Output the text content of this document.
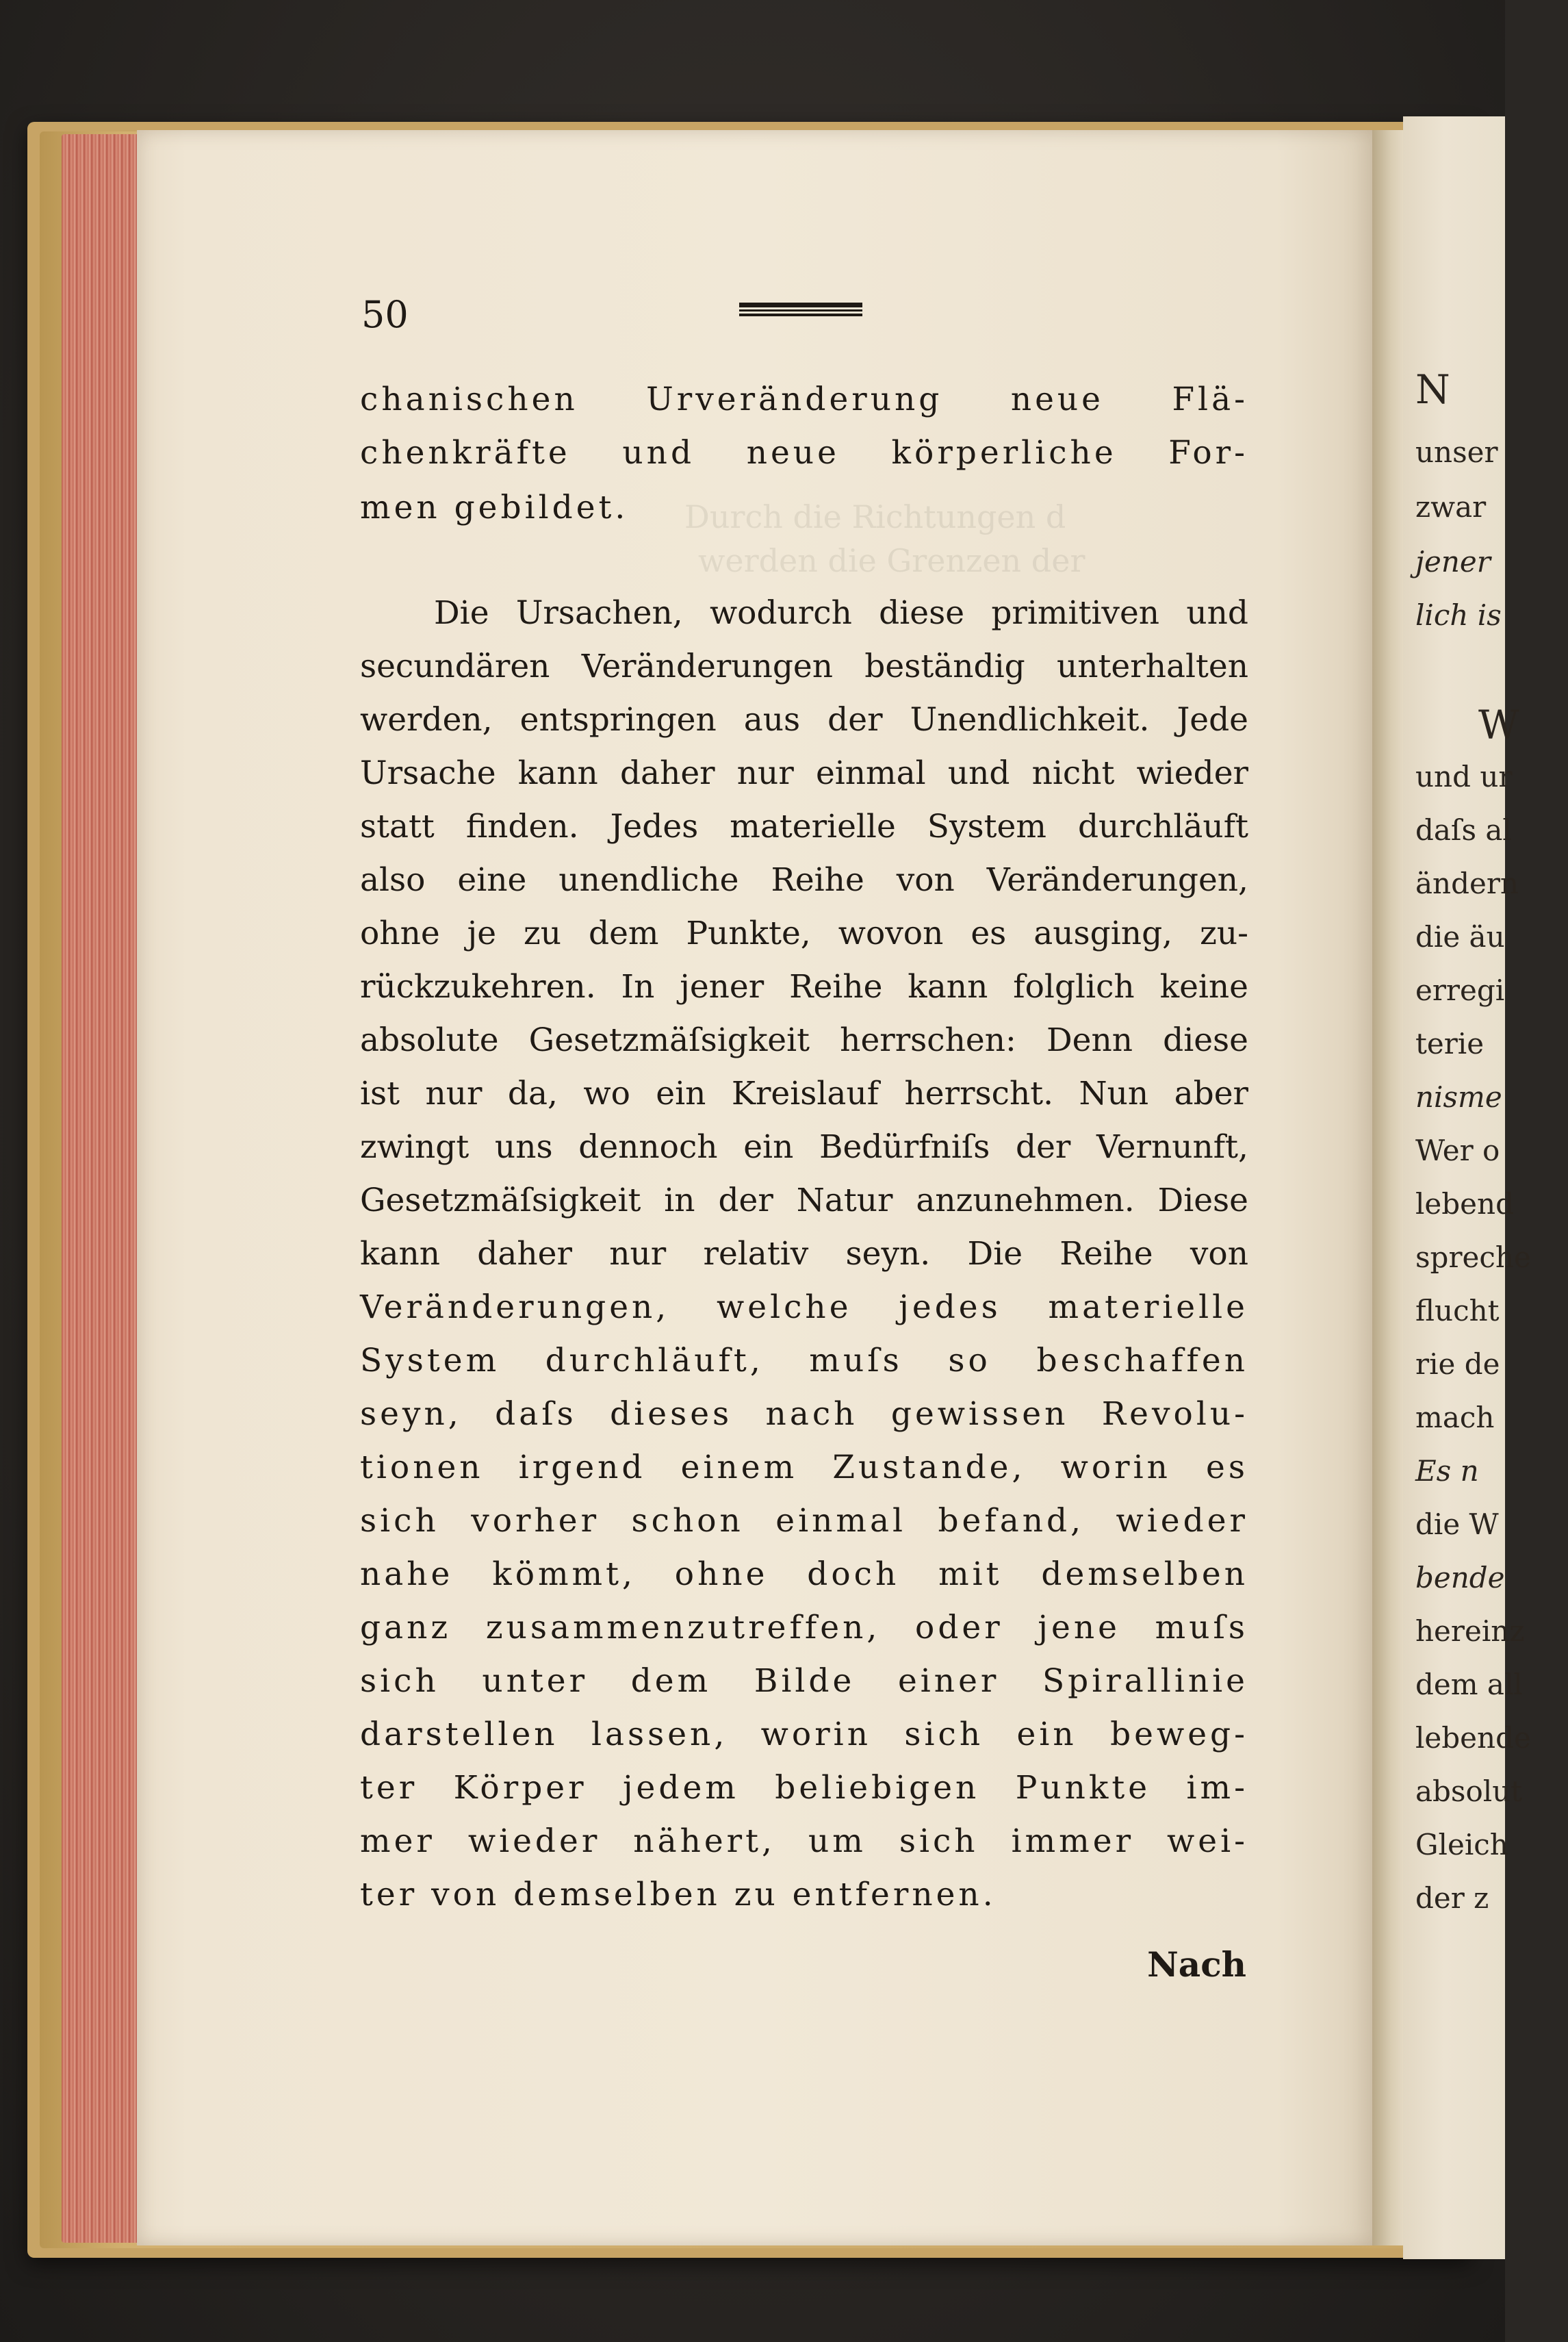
Durch die Richtungen d
werden die Grenzen der
50
chanischen Urveränderung neue Flä-
chenkräfte und neue körperliche For-
men gebildet.
Die Ursachen, wodurch diese primitiven und
secundären Veränderungen beständig unterhalten
werden, entspringen aus der Unendlichkeit. Jede
Ursache kann daher nur einmal und nicht wieder
statt finden. Jedes materielle System durchläuft
also eine unendliche Reihe von Veränderungen,
ohne je zu dem Punkte, wovon es ausging, zu-
rückzukehren. In jener Reihe kann folglich keine
absolute Gesetzmäſsigkeit herrschen: Denn diese
ist nur da, wo ein Kreislauf herrscht. Nun aber
zwingt uns dennoch ein Bedürfniſs der Vernunft,
Gesetzmäſsigkeit in der Natur anzunehmen. Diese
kann daher nur relativ seyn. Die Reihe von
Veränderungen, welche jedes materielle
System durchläuft, muſs so beschaffen
seyn, daſs dieses nach gewissen Revolu-
tionen irgend einem Zustande, worin es
sich vorher schon einmal befand, wieder
nahe kömmt, ohne doch mit demselben
ganz zusammenzutreffen, oder jene muſs
sich unter dem Bilde einer Spirallinie
darstellen lassen, worin sich ein beweg-
ter Körper jedem beliebigen Punkte im-
mer wieder nähert, um sich immer wei-
ter von demselben zu entfernen.
Nach
N
unser
zwar
jener
lich is
W
und ur
daſs al
ändern
die äu
erregi
terie
nisme
Wer o
lebend
spreche
flucht
rie de
mach
Es n
die W
bende
hereinz
dem all
lebende
absolut
Gleich
der z
